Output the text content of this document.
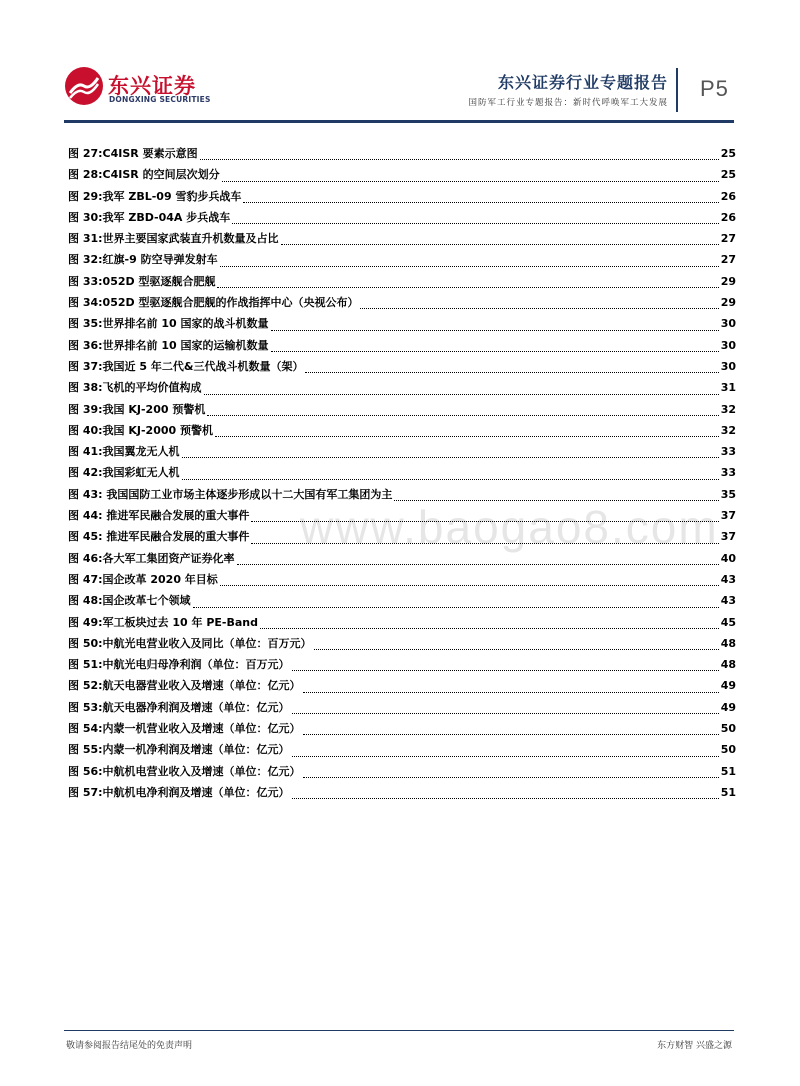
东兴证券
DONGXING SECURITIES
东兴证券行业专题报告
国防军工行业专题报告：新时代呼唤军工大发展
P5
www.baogao8.com
图 27:C4ISR 要素示意图	25
图 28:C4ISR 的空间层次划分	25
图 29:我军 ZBL-09 雪豹步兵战车	26
图 30:我军 ZBD-04A 步兵战车	26
图 31:世界主要国家武装直升机数量及占比	27
图 32:红旗-9 防空导弹发射车	27
图 33:052D 型驱逐舰合肥舰	29
图 34:052D 型驱逐舰合肥舰的作战指挥中心（央视公布）	29
图 35:世界排名前 10 国家的战斗机数量	30
图 36:世界排名前 10 国家的运输机数量	30
图 37:我国近 5 年二代&三代战斗机数量（架）	30
图 38:飞机的平均价值构成	31
图 39:我国 KJ-200 预警机	32
图 40:我国 KJ-2000 预警机	32
图 41:我国翼龙无人机	33
图 42:我国彩虹无人机	33
图 43: 我国国防工业市场主体逐步形成以十二大国有军工集团为主	35
图 44: 推进军民融合发展的重大事件	37
图 45: 推进军民融合发展的重大事件	37
图 46:各大军工集团资产证券化率	40
图 47:国企改革 2020 年目标	43
图 48:国企改革七个领域	43
图 49:军工板块过去 10 年 PE-Band	45
图 50:中航光电营业收入及同比（单位：百万元）	48
图 51:中航光电归母净利润（单位：百万元）	48
图 52:航天电器营业收入及增速（单位：亿元）	49
图 53:航天电器净利润及增速（单位：亿元）	49
图 54:内蒙一机营业收入及增速（单位：亿元）	50
图 55:内蒙一机净利润及增速（单位：亿元）	50
图 56:中航机电营业收入及增速（单位：亿元）	51
图 57:中航机电净利润及增速（单位：亿元）	51
敬请参阅报告结尾处的免责声明	东方财智 兴盛之源
